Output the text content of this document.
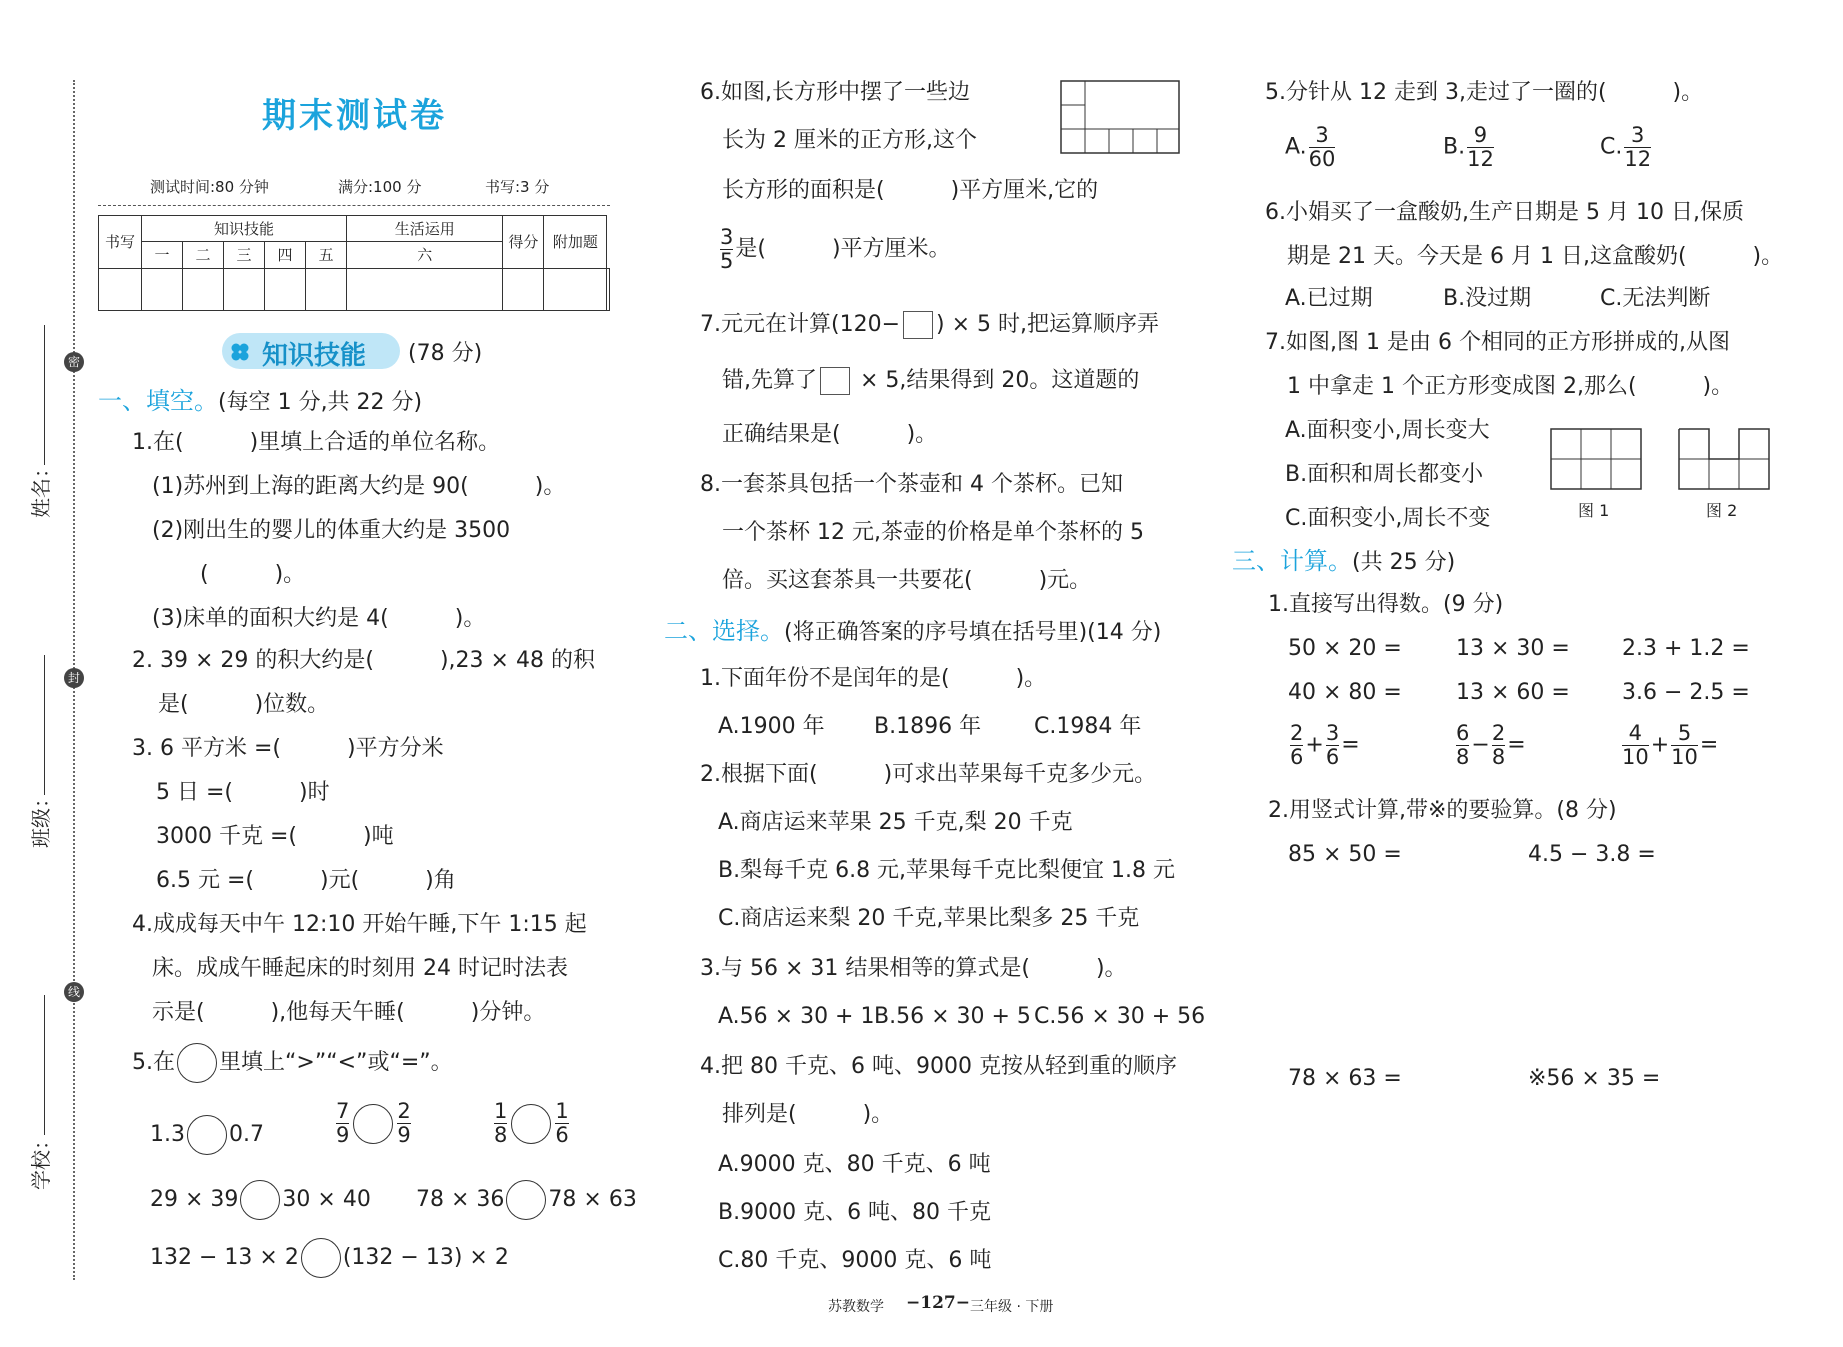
密
封
线
姓名：
班级：
学校：
期末测试卷
测试时间:80 分钟	满分:100 分	书写:3 分
书写	知识技能					生活运用	得分	附加题	
	一	二	三	四	五	六			

知识技能 (78 分)
一、填空。(每空 1 分,共 22 分)
1.在(　　　)里填上合适的单位名称。
(1)苏州到上海的距离大约是 90(　　　)。
(2)刚出生的婴儿的体重大约是 3500
(　　　)。
(3)床单的面积大约是 4(　　　)。
2. 39 × 29 的积大约是(　　　),23 × 48 的积
是(　　　)位数。
3. 6 平方米 =(　　　)平方分米
5 日 =(　　　)时
3000 千克 =(　　　)吨
6.5 元 =(　　　)元(　　　)角
4.成成每天中午 12:10 开始午睡,下午 1:15 起
床。成成午睡起床的时刻用 24 时记时法表
示是(　　　),他每天午睡(　　　)分钟。
5.在 里填上“>”“<”或“=”。
1.3 0.7	$\frac{7}{9} \frac{2}{9}$	$\frac{1}{8} \frac{1}{6}$
29 × 39 30 × 40 78 × 36 78 × 63
132 − 13 × 2 (132 − 13) × 2
6.如图,长方形中摆了一些边
长为 2 厘米的正方形,这个
长方形的面积是(　　　)平方厘米,它的
$\frac{3}{5}$ 是(　　　)平方厘米。
7.元元在计算(120− ) × 5 时,把运算顺序弄
错,先算了 × 5,结果得到 20。这道题的
正确结果是(　　　)。
8.一套茶具包括一个茶壶和 4 个茶杯。已知
一个茶杯 12 元,茶壶的价格是单个茶杯的 5
倍。买这套茶具一共要花(　　　)元。
二、选择。(将正确答案的序号填在括号里)(14 分)
1.下面年份不是闰年的是(　　　)。
A.1900 年 B.1896 年 C.1984 年
2.根据下面(　　　)可求出苹果每千克多少元。
A.商店运来苹果 25 千克,梨 20 千克
B.梨每千克 6.8 元,苹果每千克比梨便宜 1.8 元
C.商店运来梨 20 千克,苹果比梨多 25 千克
3.与 56 × 31 结果相等的算式是(　　　)。
A.56 × 30 + 1 B.56 × 30 + 5 C.56 × 30 + 56
4.把 80 千克、6 吨、9000 克按从轻到重的顺序
排列是(　　　)。
A.9000 克、80 千克、6 吨
B.9000 克、6 吨、80 千克
C.80 千克、9000 克、6 吨
5.分针从 12 走到 3,走过了一圈的(　　　)。
A. $\frac{3}{60}$	B. $\frac{9}{12}$	C. $\frac{3}{12}$
6.小娟买了一盒酸奶,生产日期是 5 月 10 日,保质
期是 21 天。今天是 6 月 1 日,这盒酸奶(　　　)。
A.已过期	B.没过期	C.无法判断
7.如图,图 1 是由 6 个相同的正方形拼成的,从图
1 中拿走 1 个正方形变成图 2,那么(　　　)。
A.面积变小,周长变大
B.面积和周长都变小
C.面积变小,周长不变	图 1	图 2
三、计算。(共 25 分)
1.直接写出得数。(9 分)
50 × 20 = 13 × 30 = 2.3 + 1.2 =
40 × 80 = 13 × 60 = 3.6 − 2.5 =
$\frac{2}{6} + \frac{3}{6}$ =	$\frac{6}{8} - \frac{2}{8}$ =	$\frac{4}{10} + \frac{5}{10}$ =
2.用竖式计算,带※的要验算。(8 分)
85 × 50 =	4.5 − 3.8 =
78 × 63 =	※56 × 35 =
苏教数学 −127− 三年级 · 下册
